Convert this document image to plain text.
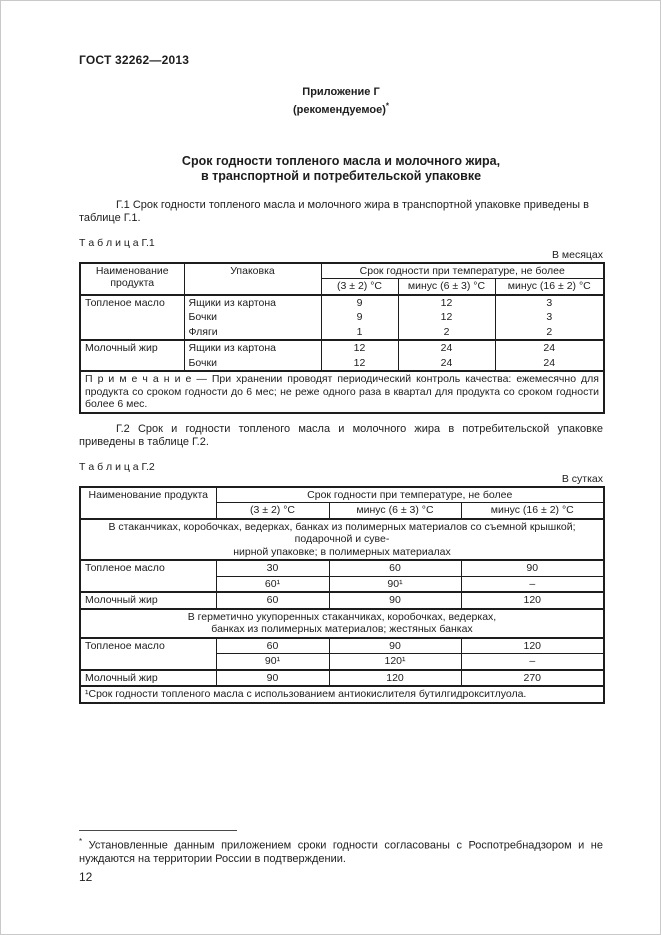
ГОСТ 32262—2013
Приложение Г
(рекомендуемое)*
Срок годности топленого масла и молочного жира,
в транспортной и потребительской упаковке
Г.1 Срок годности топленого масла и молочного жира в транспортной упаковке приведены в таблице Г.1.
Т а б л и ц а Г.1
В месяцах
Наименование продукта	Упаковка	Срок годности при температуре, не более		
		(3 ± 2) °С	минус (6 ± 3) °С	минус (16 ± 2) °С
Топленое масло	Ящики из картона	9	12	3
	Бочки	9	12	3
	Фляги	1	2	2
Молочный жир	Ящики из картона	12	24	24
	Бочки	12	24	24
П р и м е ч а н и е — При хранении проводят периодический контроль качества: ежемесячно для продукта со сроком годности до 6 мес; не реже одного раза в квартал для продукта со сроком годности более 6 мес.				
Г.2 Срок и годности топленого масла и молочного жира в потребительской упаковке приведены в таблице Г.2.
Т а б л и ц а Г.2
В сутках
Наименование продукта	Срок годности при температуре, не более		
	(3 ± 2) °С	минус (6 ± 3) °С	минус (16 ± 2) °С
В стаканчиках, коробочках, ведерках, банках из полимерных материалов со съемной крышкой; подарочной и суве-
нирной упаковке; в полимерных материалах			
Топленое масло	30	60	90
	60¹	90¹	–
Молочный жир	60	90	120
В герметично укупоренных стаканчиках, коробочках, ведерках,
банках из полимерных материалов; жестяных банках			
Топленое масло	60	90	120
	90¹	120¹	–
Молочный жир	90	120	270
¹Срок годности топленого масла с использованием антиокислителя бутилгидрокситлуола.			
* Установленные данным приложением сроки годности согласованы с Роспотребнадзором и не нуждаются на территории России в подтверждении.
12
